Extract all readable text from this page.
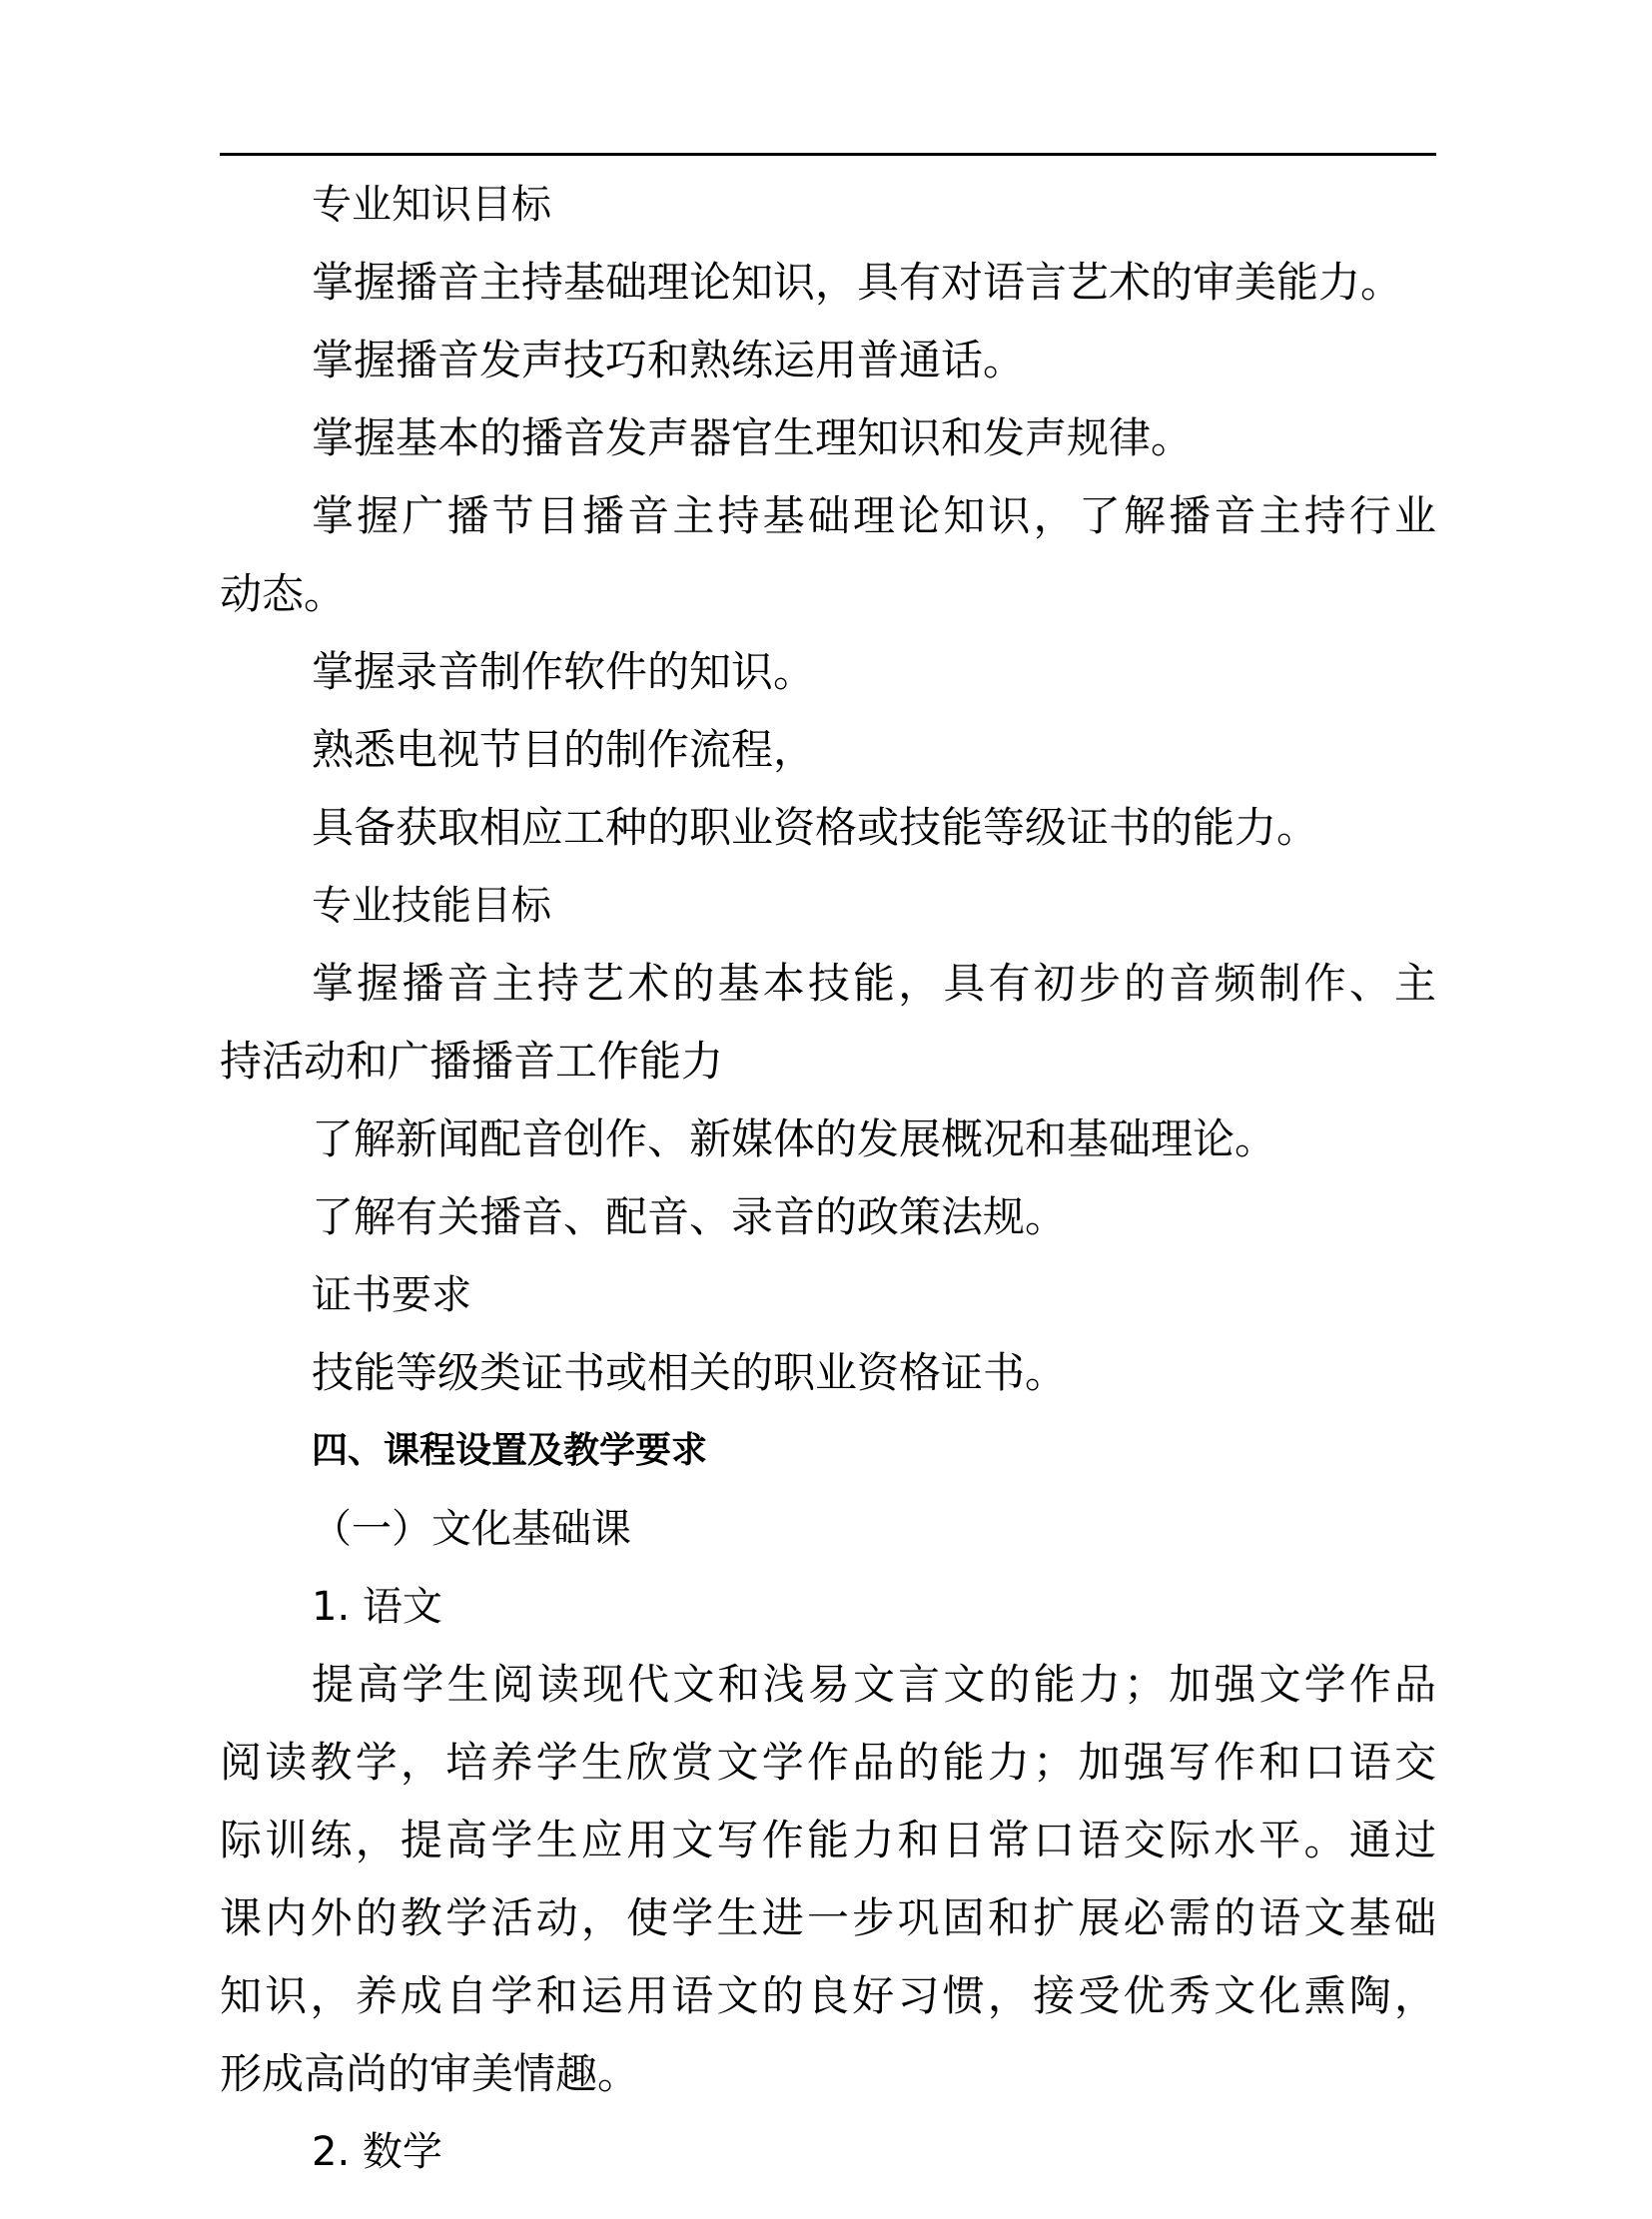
专业知识目标
掌握播音主持基础理论知识，具有对语言艺术的审美能力。
掌握播音发声技巧和熟练运用普通话。
掌握基本的播音发声器官生理知识和发声规律。
掌握广播节目播音主持基础理论知识，了解播音主持行业
动态。
掌握录音制作软件的知识。
熟悉电视节目的制作流程，
具备获取相应工种的职业资格或技能等级证书的能力。
专业技能目标
掌握播音主持艺术的基本技能，具有初步的音频制作、主
持活动和广播播音工作能力
了解新闻配音创作、新媒体的发展概况和基础理论。
了解有关播音、配音、录音的政策法规。
证书要求
技能等级类证书或相关的职业资格证书。
四、课程设置及教学要求
（一）文化基础课
1. 语文
提高学生阅读现代文和浅易文言文的能力；加强文学作品
阅读教学，培养学生欣赏文学作品的能力；加强写作和口语交
际训练，提高学生应用文写作能力和日常口语交际水平。通过
课内外的教学活动，使学生进一步巩固和扩展必需的语文基础
知识，养成自学和运用语文的良好习惯，接受优秀文化熏陶，
形成高尚的审美情趣。
2. 数学
